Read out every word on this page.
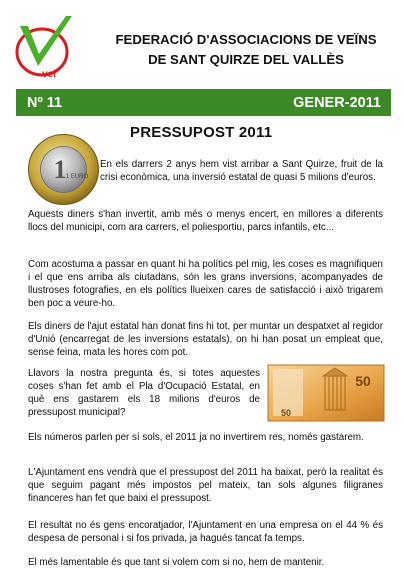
vei
FEDERACIÓ D'ASSOCIACIONS DE VEÏNS
DE SANT QUIRZE DEL VALLÈS
Nº 11	GENER-2011
1 1 EURO
PRESSUPOST 2011

En els darrers 2 anys hem vist arribar a Sant Quirze, fruit de la crisi econòmica, una inversió estatal de quasi 5 milions d'euros.

Aquests diners s'han invertit, amb més o menys encert, en millores a diferents llocs del municipi, com ara carrers, el poliesportiu, parcs infantils, etc...

Com acostuma a passar en quant hi ha polítics pel mig, les coses es magnifiquen i el que ens arriba als ciutadans, són les grans inversions, acompanyades de llustroses fotografies, en els polítics llueixen cares de satisfacció i això trigarem ben poc a veure-ho.

Els diners de l'ajut estatal han donat fins hi tot, per muntar un despatxet al regidor d'Unió (encarregat de les inversions estatals), on hi han posat un empleat que, sense feina, mata les hores com pot.

Llavors la nostra pregunta és, si totes aquestes coses s'han fet amb el Pla d'Ocupació Estatal, en què ens gastarem els 18 milions d'euros de pressupost municipal?

50
50

Els números parlen per sí sols, el 2011 ja no invertirem res, només gastarem.

L'Ajuntament ens vendrà que el pressupost del 2011 ha baixat, però la realitat és que seguim pagant més impostos pel mateix, tan sols algunes filigranes financeres han fet que baixi el pressupost.

El resultat no és gens encoratjador, l'Ajuntament en una empresa on el 44 % és despesa de personal i si fos privada, ja hagués tancat fa temps.

El més lamentable és que tant si volem com si no, hem de mantenir.
